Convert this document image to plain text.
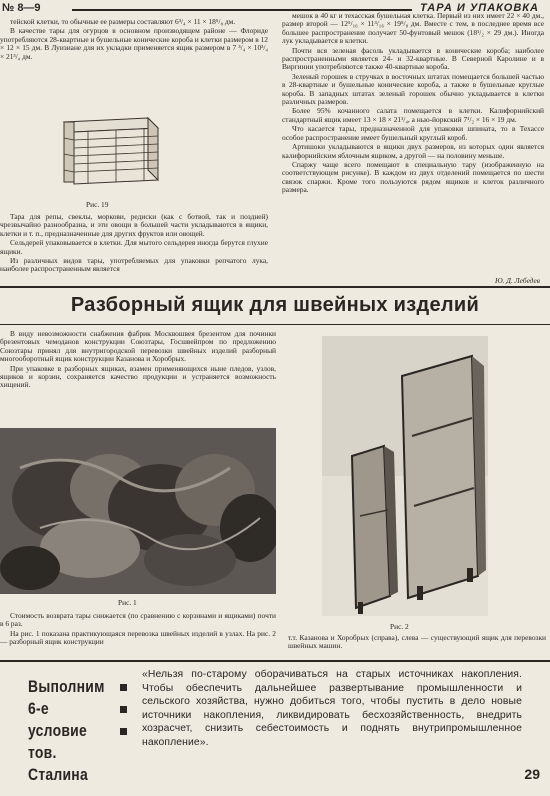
№ 8—9	ТАРА И УПАКОВКА

тейской клетки, то обычные ее размеры составляют 6³/₄ × 11 × 18⁵/₈ дм.

В качестве тары для огурцов в основном производящем районе — Флориде употребляются 28-квартные и бушельные конические короба и клетки размером в 12 × 12 × 15 дм. В Луизиане для их укладки применяется ящик размером в 7 ³/₄ × 10³/₄ × 21³/₄ дм.

Рис. 19

Тара для репы, свеклы, моркови, редиски (как с ботвой, так и поздней) чрезвычайно разнообразна, и эти овощи в большей части укладываются в ящики, клетки и т. п., предназначенные для других фруктов или овощей.

Сельдерей упаковывается в клетки. Для мытого сельдерея иногда берутся глухие ящики.

Из различных видов тары, употребляемых для упаковки репчатого лука, наиболее распространенным является

мешок в 40 кг и техасская бушельная клетка. Первый из них имеет 22 × 40 дм., размер второй — 12⁵/₁₆ × 11³/₁₆ × 19⁵/₈ дм. Вместе с тем, в последнее время все большее распространение получает 50-фунтовый мешок (18¹/₂ × 29 дм.). Иногда лук укладывается в клетки.

Почти вся зеленая фасоль укладывается в конические короба; наиболее распространенными является 24- и 32-квартные. В Северной Каролине и в Виргинии употребляются также 40-квартные короба.

Зеленый горошек в стручках в восточных штатах помещается большей частью в 28-квартные и бушельные конические короба, а также в бушельные круглые короба. В западных штатах зеленый горошек обычно укладывается в клетки различных размеров.

Более 95% кочанного салата помещается в клетки. Калифорнийский стандартный ящик имеет 13 × 18 × 21¹/₄, а нью-йоркский 7¹/₂ × 16 × 19 дм.

Что касается тары, предназначенной для упаковки шпината, то в Техассе особое распространение имеет бушельный круглый короб.

Артишоки укладываются в ящики двух размеров, из которых один является калифорнийским яблочным ящиком, а другой — на половину меньше.

Спаржу чаще всего помещают в специальную тару (изображенную на соответствующем рисунке). В каждом из двух отделений помещается по шести связок спаржи. Кроме того пользуются рядом ящиков и клеток различного размера.

Ю. Д. Лебедев
Разборный ящик для швейных изделий

В виду невозможности снабжения фабрик Москвошвея брезентом для починки брезентовых чемоданов конструкции Союзтары, Госшвейпром по предложению Союзтары принял для внутригородской перевозки швейных изделий разборный многооборотный ящик конструкции Казанова и Хоробрых.

При упаковке в разборных ящиках, взамен применяющихся ныне пледов, узлов, ящиков и корзин, сохраняется качество продукции и устраняется возможность хищений.

Рис. 1

Стоимость возврата тары снижается (по сравнению с корзинами и ящиками) почти в 6 раз.

На рис. 1 показана практикующаяся перевозка швейных изделий в узлах. На рис. 2 — разборный ящик конструкции

Рис. 2
т.т. Казанова и Хоробрых (справа), слева — существующий ящик для перевозки швейных машин.
Выполним
6-е условие
тов. Сталина
«Нельзя по-старому оборачиваться на старых источниках накопления. Чтобы обеспечить дальнейшее развертывание промышленности и сельского хозяйства, нужно добиться того, чтобы пустить в дело новые источники накопления, ликвидировать бесхозяйственность, внедрить хозрасчет, снизить себестоимость и поднять внутрипромышленное накопление».
29
